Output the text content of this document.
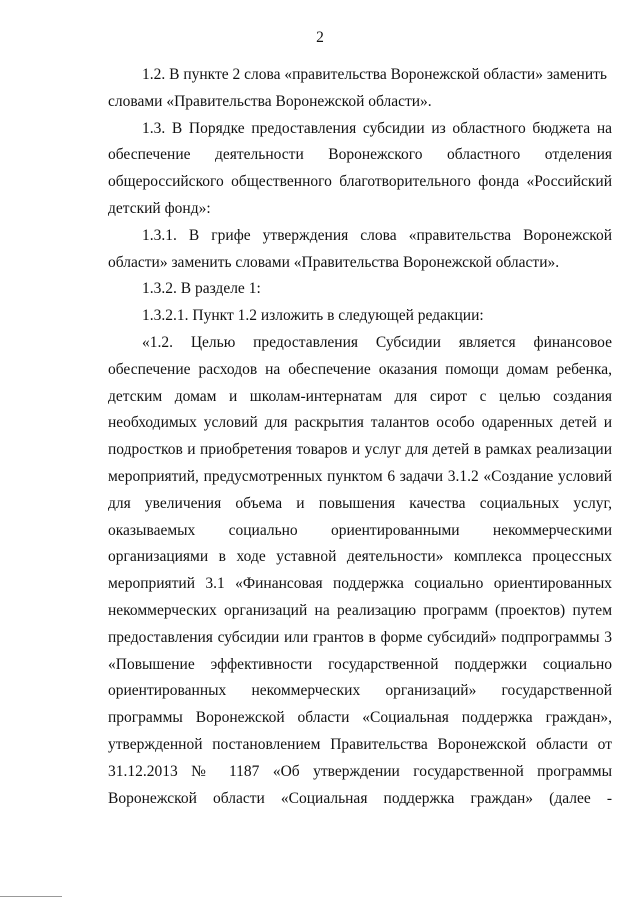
2
1.2. В пункте 2 слова «правительства Воронежской области» заменить
словами «Правительства Воронежской области».
1.3. В Порядке предоставления субсидии из областного бюджета на
обеспечение деятельности Воронежского областного отделения
общероссийского общественного благотворительного фонда «Российский
детский фонд»:
1.3.1. В грифе утверждения слова «правительства Воронежской
области» заменить словами «Правительства Воронежской области».
1.3.2. В разделе 1:
1.3.2.1. Пункт 1.2 изложить в следующей редакции:
«1.2. Целью предоставления Субсидии является финансовое
обеспечение расходов на обеспечение оказания помощи домам ребенка,
детским домам и школам-интернатам для сирот с целью создания
необходимых условий для раскрытия талантов особо одаренных детей и
подростков и приобретения товаров и услуг для детей в рамках реализации
мероприятий, предусмотренных пунктом 6 задачи 3.1.2 «Создание условий
для увеличения объема и повышения качества социальных услуг,
оказываемых социально ориентированными некоммерческими
организациями в ходе уставной деятельности» комплекса процессных
мероприятий 3.1 «Финансовая поддержка социально ориентированных
некоммерческих организаций на реализацию программ (проектов) путем
предоставления субсидии или грантов в форме субсидий» подпрограммы 3
«Повышение эффективности государственной поддержки социально
ориентированных некоммерческих организаций» государственной
программы Воронежской области «Социальная поддержка граждан»,
утвержденной постановлением Правительства Воронежской области от
31.12.2013 № 1187 «Об утверждении государственной программы
Воронежской области «Социальная поддержка граждан» (далее -
